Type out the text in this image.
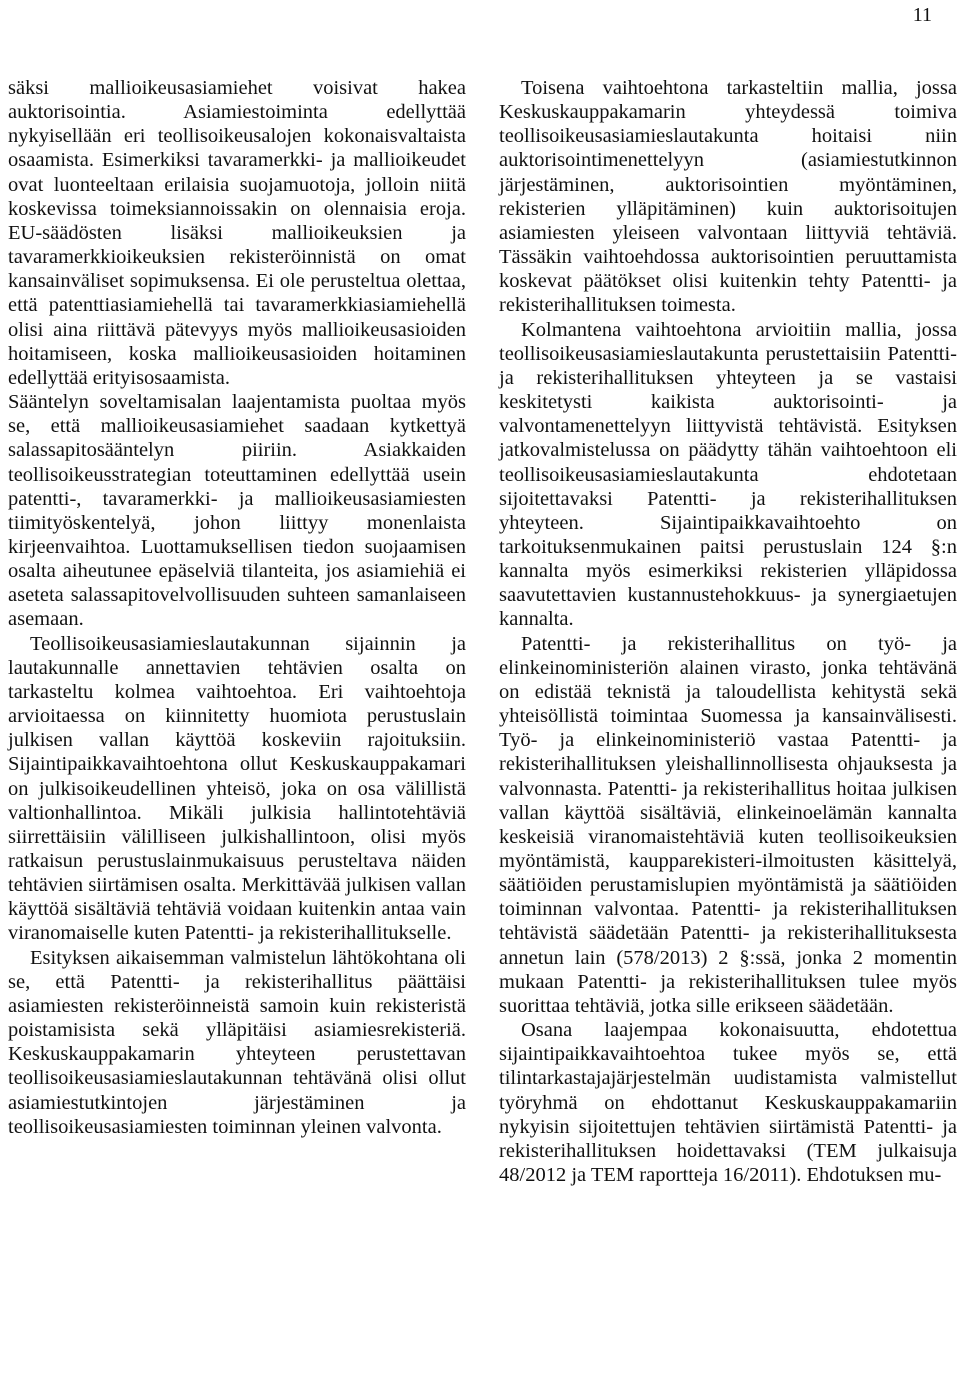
11

säksi mallioikeusasiamiehet voisivat hakea auktorisointia. Asiamiestoiminta edellyttää nykyisellään eri teollisoikeusalojen kokonaisvaltaista osaamista. Esimerkiksi tavaramerkki- ja mallioikeudet ovat luonteeltaan erilaisia suojamuotoja, jolloin niitä koskevissa toimeksiannoissakin on olennaisia eroja. EU-säädösten lisäksi mallioikeuksien ja tavaramerkkioikeuksien rekisteröinnistä on omat kansainväliset sopimuksensa. Ei ole perusteltua olettaa, että patenttiasiamiehellä tai tavaramerkkiasiamiehellä olisi aina riittävä pätevyys myös mallioikeusasioiden hoitamiseen, koska mallioikeusasioiden hoitaminen edellyttää erityisosaamista.

Sääntelyn soveltamisalan laajentamista puoltaa myös se, että mallioikeusasiamiehet saadaan kytkettyä salassapitosääntelyn piiriin. Asiakkaiden teollisoikeusstrategian toteuttaminen edellyttää usein patentti-, tavaramerkki- ja mallioikeusasiamiesten tiimityöskentelyä, johon liittyy monenlaista kirjeenvaihtoa. Luottamuksellisen tiedon suojaamisen osalta aiheutunee epäselviä tilanteita, jos asiamiehiä ei aseteta salassapitovelvollisuuden suhteen samanlaiseen asemaan.

Teollisoikeusasiamieslautakunnan sijainnin ja lautakunnalle annettavien tehtävien osalta on tarkasteltu kolmea vaihtoehtoa. Eri vaihtoehtoja arvioitaessa on kiinnitetty huomiota perustuslain julkisen vallan käyttöä koskeviin rajoituksiin. Sijaintipaikkavaihtoehtona ollut Keskuskauppakamari on julkisoikeudellinen yhteisö, joka on osa välillistä valtionhallintoa. Mikäli julkisia hallintotehtäviä siirrettäisiin välilliseen julkishallintoon, olisi myös ratkaisun perustuslainmukaisuus perusteltava näiden tehtävien siirtämisen osalta. Merkittävää julkisen vallan käyttöä sisältäviä tehtäviä voidaan kuitenkin antaa vain viranomaiselle kuten Patentti- ja rekisterihallitukselle.

Esityksen aikaisemman valmistelun lähtökohtana oli se, että Patentti- ja rekisterihallitus päättäisi asiamiesten rekisteröinneistä samoin kuin rekisteristä poistamisista sekä ylläpitäisi asiamiesrekisteriä. Keskuskauppakamarin yhteyteen perustettavan teollisoikeusasiamieslautakunnan tehtävänä olisi ollut asiamiestutkintojen järjestäminen ja teollisoikeusasiamiesten toiminnan yleinen valvonta.

Toisena vaihtoehtona tarkasteltiin mallia, jossa Keskuskauppakamarin yhteydessä toimiva teollisoikeusasiamieslautakunta hoitaisi niin auktorisointimenettelyyn (asiamiestutkinnon järjestäminen, auktorisointien myöntäminen, rekisterien ylläpitäminen) kuin auktorisoitujen asiamiesten yleiseen valvontaan liittyviä tehtäviä. Tässäkin vaihtoehdossa auktorisointien peruuttamista koskevat päätökset olisi kuitenkin tehty Patentti- ja rekisterihallituksen toimesta.

Kolmantena vaihtoehtona arvioitiin mallia, jossa teollisoikeusasiamieslautakunta perustettaisiin Patentti- ja rekisterihallituksen yhteyteen ja se vastaisi keskitetysti kaikista auktorisointi- ja valvontamenettelyyn liittyvistä tehtävistä. Esityksen jatkovalmistelussa on päädytty tähän vaihtoehtoon eli teollisoikeusasiamieslautakunta ehdotetaan sijoitettavaksi Patentti- ja rekisterihallituksen yhteyteen. Sijaintipaikkavaihtoehto on tarkoituksenmukainen paitsi perustuslain 124 §:n kannalta myös esimerkiksi rekisterien ylläpidossa saavutettavien kustannustehokkuus- ja synergiaetujen kannalta.

Patentti- ja rekisterihallitus on työ- ja elinkeinoministeriön alainen virasto, jonka tehtävänä on edistää teknistä ja taloudellista kehitystä sekä yhteisöllistä toimintaa Suomessa ja kansainvälisesti. Työ- ja elinkeinoministeriö vastaa Patentti- ja rekisterihallituksen yleishallinnollisesta ohjauksesta ja valvonnasta. Patentti- ja rekisterihallitus hoitaa julkisen vallan käyttöä sisältäviä, elinkeinoelämän kannalta keskeisiä viranomaistehtäviä kuten teollisoikeuksien myöntämistä, kaupparekisteri-ilmoitusten käsittelyä, säätiöiden perustamislupien myöntämistä ja säätiöiden toiminnan valvontaa. Patentti- ja rekisterihallituksen tehtävistä säädetään Patentti- ja rekisterihallituksesta annetun lain (578/2013) 2 §:ssä, jonka 2 momentin mukaan Patentti- ja rekisterihallituksen tulee myös suorittaa tehtäviä, jotka sille erikseen säädetään.

Osana laajempaa kokonaisuutta, ehdotettua sijaintipaikkavaihtoehtoa tukee myös se, että tilintarkastajajärjestelmän uudistamista valmistellut työryhmä on ehdottanut Keskuskauppakamariin nykyisin sijoitettujen tehtävien siirtämistä Patentti- ja rekisterihallituksen hoidettavaksi (TEM julkaisuja 48/2012 ja TEM raportteja 16/2011). Ehdotuksen mu-
